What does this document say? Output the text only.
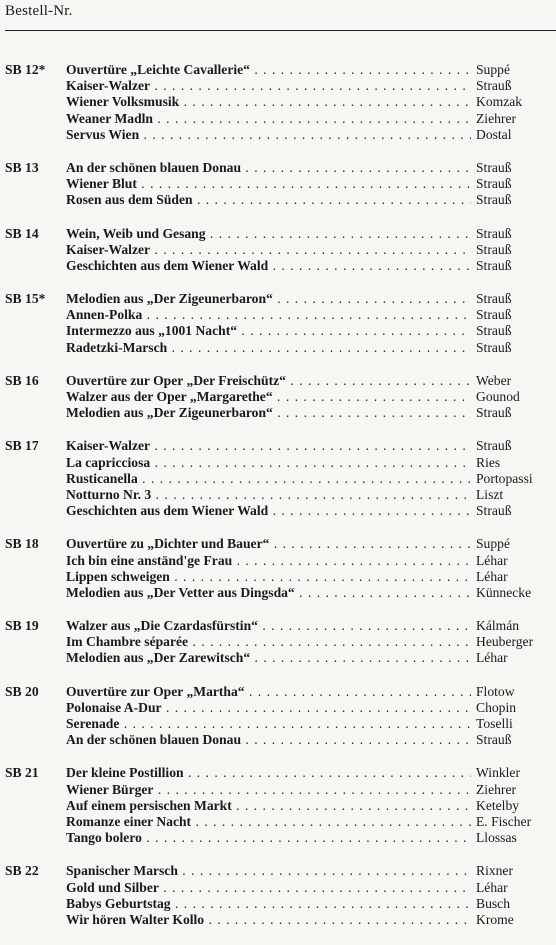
Bestell-Nr.
SB 12* Ouvertüre „Leichte Cavallerie“ . .	Suppé
Kaiser-Walzer . .	Strauß
Wiener Volksmusik . .	Komzak
Weaner Madln . .	Ziehrer
Servus Wien . .	Dostal
SB 13 An der schönen blauen Donau . .	Strauß
Wiener Blut . .	Strauß
Rosen aus dem Süden . .	Strauß
SB 14 Wein, Weib und Gesang . .	Strauß
Kaiser-Walzer . .	Strauß
Geschichten aus dem Wiener Wald . .	Strauß
SB 15* Melodien aus „Der Zigeunerbaron“ . .	Strauß
Annen-Polka . .	Strauß
Intermezzo aus „1001 Nacht“ . .	Strauß
Radetzki-Marsch . .	Strauß
SB 16 Ouvertüre zur Oper „Der Freischütz“ . .	Weber
Walzer aus der Oper „Margarethe“ . .	Gounod
Melodien aus „Der Zigeunerbaron“ . .	Strauß
SB 17 Kaiser-Walzer . .	Strauß
La capricciosa . .	Ries
Rusticanella . .	Portopassi
Notturno Nr. 3 . .	Liszt
Geschichten aus dem Wiener Wald . .	Strauß
SB 18 Ouvertüre zu „Dichter und Bauer“ . .	Suppé
Ich bin eine anständ'ge Frau . .	Léhar
Lippen schweigen . .	Léhar
Melodien aus „Der Vetter aus Dingsda“ . .	Künnecke
SB 19 Walzer aus „Die Czardasfürstin“ . .	Kálmán
Im Chambre séparée . .	Heuberger
Melodien aus „Der Zarewitsch“ . .	Léhar
SB 20 Ouvertüre zur Oper „Martha“ . .	Flotow
Polonaise A-Dur . .	Chopin
Serenade . .	Toselli
An der schönen blauen Donau . .	Strauß
SB 21 Der kleine Postillion . .	Winkler
Wiener Bürger . .	Ziehrer
Auf einem persischen Markt . .	Ketelby
Romanze einer Nacht . .	E. Fischer
Tango bolero . .	Llossas
SB 22 Spanischer Marsch . .	Rixner
Gold und Silber . .	Léhar
Babys Geburtstag . .	Busch
Wir hören Walter Kollo . .	Krome
